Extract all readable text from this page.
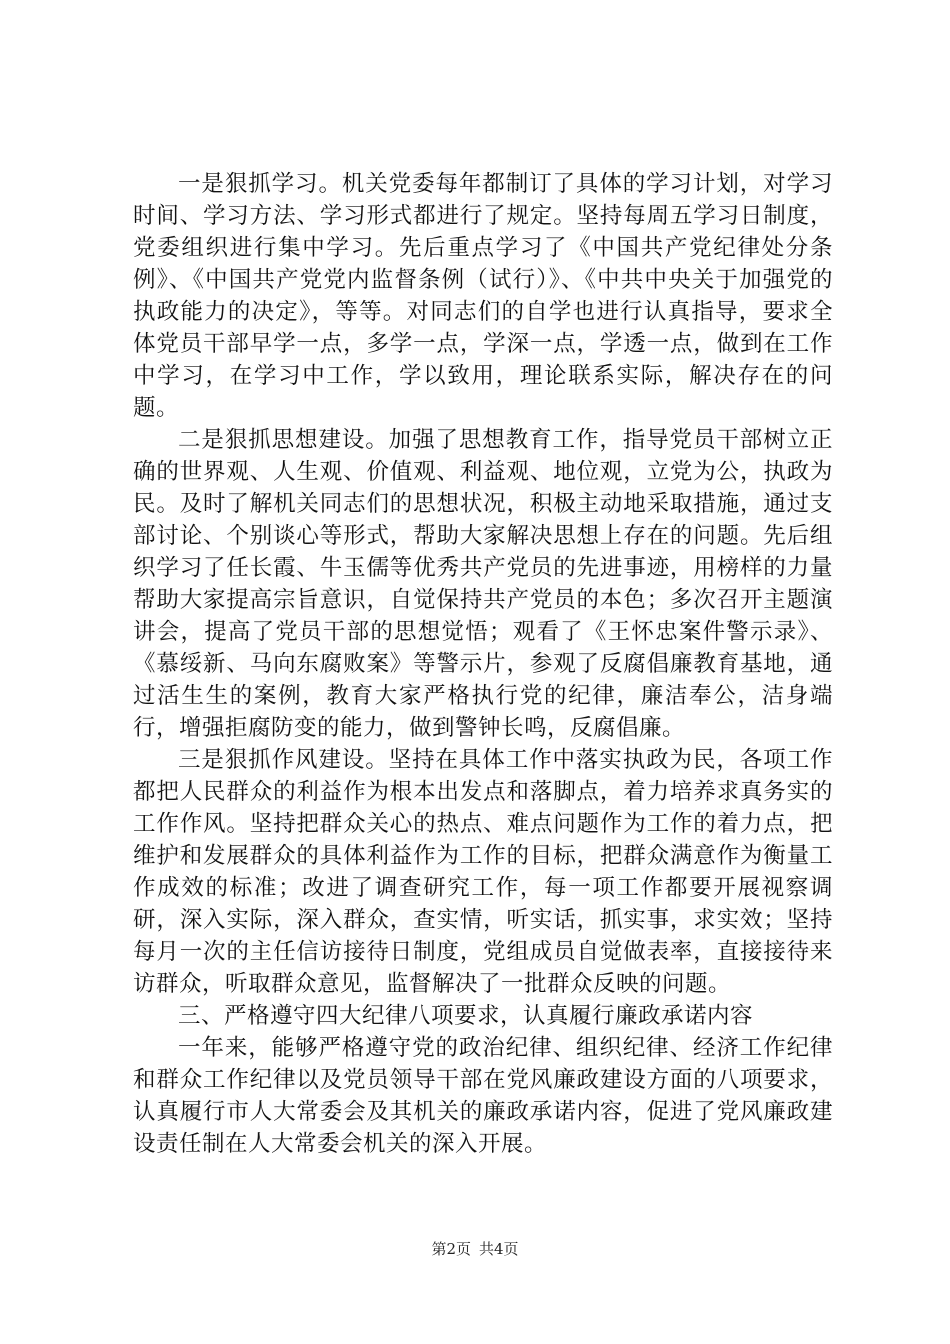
一是狠抓学习。机关党委每年都制订了具体的学习计划，对学习时间、学习方法、学习形式都进行了规定。坚持每周五学习日制度，党委组织进行集中学习。先后重点学习了《中国共产党纪律处分条例》、《中国共产党党内监督条例（试行）》、《中共中央关于加强党的执政能力的决定》，等等。对同志们的自学也进行认真指导，要求全体党员干部早学一点，多学一点，学深一点，学透一点，做到在工作中学习，在学习中工作，学以致用，理论联系实际，解决存在的问题。

二是狠抓思想建设。加强了思想教育工作，指导党员干部树立正确的世界观、人生观、价值观、利益观、地位观，立党为公，执政为民。及时了解机关同志们的思想状况，积极主动地采取措施，通过支部讨论、个别谈心等形式，帮助大家解决思想上存在的问题。先后组织学习了任长霞、牛玉儒等优秀共产党员的先进事迹，用榜样的力量帮助大家提高宗旨意识，自觉保持共产党员的本色；多次召开主题演讲会，提高了党员干部的思想觉悟；观看了《王怀忠案件警示录》、《慕绥新、马向东腐败案》等警示片，参观了反腐倡廉教育基地，通过活生生的案例，教育大家严格执行党的纪律，廉洁奉公，洁身端行，增强拒腐防变的能力，做到警钟长鸣，反腐倡廉。

三是狠抓作风建设。坚持在具体工作中落实执政为民，各项工作都把人民群众的利益作为根本出发点和落脚点，着力培养求真务实的工作作风。坚持把群众关心的热点、难点问题作为工作的着力点，把维护和发展群众的具体利益作为工作的目标，把群众满意作为衡量工作成效的标准；改进了调查研究工作，每一项工作都要开展视察调研，深入实际，深入群众，查实情，听实话，抓实事，求实效；坚持每月一次的主任信访接待日制度，党组成员自觉做表率，直接接待来访群众，听取群众意见，监督解决了一批群众反映的问题。

三、严格遵守四大纪律八项要求，认真履行廉政承诺内容

一年来，能够严格遵守党的政治纪律、组织纪律、经济工作纪律和群众工作纪律以及党员领导干部在党风廉政建设方面的八项要求，认真履行市人大常委会及其机关的廉政承诺内容，促进了党风廉政建设责任制在人大常委会机关的深入开展。

第2页 共4页
